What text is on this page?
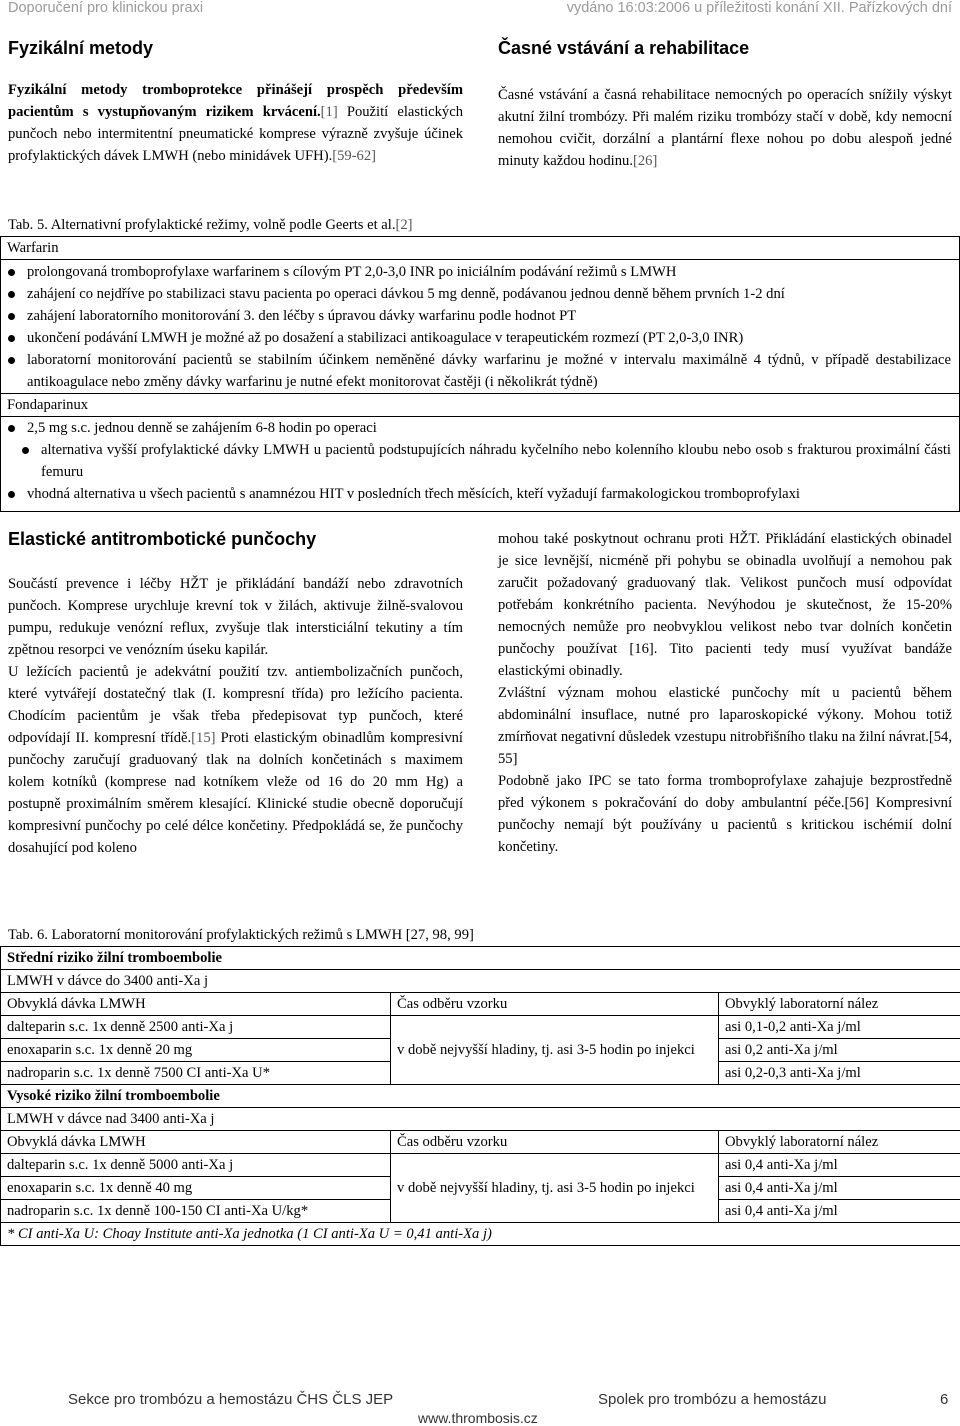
Doporučení pro klinickou praxi	vydáno 16:03:2006 u příležitosti konání XII. Pařízkových dní
Fyzikální metody
Fyzikální metody tromboprotekce přinášejí prospěch především pacientům s vystupňovaným rizikem krvácení.[1] Použití elastických punčoch nebo intermitentní pneumatické komprese výrazně zvyšuje účinek profylaktických dávek LMWH (nebo minidávek UFH).[59-62]
Časné vstávání a rehabilitace
Časné vstávání a časná rehabilitace nemocných po operacích snížily výskyt akutní žilní trombózy. Při malém riziku trombózy stačí v době, kdy nemocní nemohou cvičit, dorzální a plantární flexe nohou po dobu alespoň jedné minuty každou hodinu.[26]
Tab. 5. Alternativní profylaktické režimy, volně podle Geerts et al.[2]
Warfarin
prolongovaná tromboprofylaxe warfarinem s cílovým PT 2,0-3,0 INR po iniciálním podávání režimů s LMWH
zahájení co nejdříve po stabilizaci stavu pacienta po operaci dávkou 5 mg denně, podávanou jednou denně během prvních 1-2 dní
zahájení laboratorního monitorování 3. den léčby s úpravou dávky warfarinu podle hodnot PT
ukončení podávání LMWH je možné až po dosažení a stabilizaci antikoagulace v terapeutickém rozmezí (PT 2,0-3,0 INR)
laboratorní monitorování pacientů se stabilním účinkem neměněné dávky warfarinu je možné v intervalu maximálně 4 týdnů, v případě destabilizace antikoagulace nebo změny dávky warfarinu je nutné efekt monitorovat častěji (i několikrát týdně)
Fondaparinux
2,5 mg s.c. jednou denně se zahájením 6-8 hodin po operaci
alternativa vyšší profylaktické dávky LMWH u pacientů podstupujících náhradu kyčelního nebo kolenního kloubu nebo osob s frakturou proximální části femuru
vhodná alternativa u všech pacientů s anamnézou HIT v posledních třech měsících, kteří vyžadují farmakologickou tromboprofylaxi
Elastické antitrombotické punčochy

Součástí prevence i léčby HŽT je přikládání bandáží nebo zdravotních punčoch. Komprese urychluje krevní tok v žilách, aktivuje žilně-svalovou pumpu, redukuje venózní reflux, zvyšuje tlak intersticiální tekutiny a tím zpětnou resorpci ve venózním úseku kapilár.

U ležících pacientů je adekvátní použití tzv. antiembolizačních punčoch, které vytvářejí dostatečný tlak (I. kompresní třída) pro ležícího pacienta. Chodícím pacientům je však třeba předepisovat typ punčoch, které odpovídají II. kompresní třídě.[15] Proti elastickým obinadlům kompresivní punčochy zaručují graduovaný tlak na dolních končetinách s maximem kolem kotníků (komprese nad kotníkem vleže od 16 do 20 mm Hg) a postupně proximálním směrem klesající. Klinické studie obecně doporučují kompresivní punčochy po celé délce končetiny. Předpokládá se, že punčochy dosahující pod koleno

mohou také poskytnout ochranu proti HŽT. Přikládání elastických obinadel je sice levnější, nicméně při pohybu se obinadla uvolňují a nemohou pak zaručit požadovaný graduovaný tlak. Velikost punčoch musí odpovídat potřebám konkrétního pacienta. Nevýhodou je skutečnost, že 15-20% nemocných nemůže pro neobvyklou velikost nebo tvar dolních končetin punčochy používat [16]. Tito pacienti tedy musí využívat bandáže elastickými obinadly.

Zvláštní význam mohou elastické punčochy mít u pacientů během abdominální insuflace, nutné pro laparoskopické výkony. Mohou totiž zmírňovat negativní důsledek vzestupu nitrobřišního tlaku na žilní návrat.[54, 55]

Podobně jako IPC se tato forma tromboprofylaxe zahajuje bezprostředně před výkonem s pokračování do doby ambulantní péče.[56] Kompresivní punčochy nemají být používány u pacientů s kritickou ischémií dolní končetiny.

Tab. 6. Laboratorní monitorování profylaktických režimů s LMWH [27, 98, 99]
Střední riziko žilní tromboembolie		
LMWH v dávce do 3400 anti-Xa j		
Obvyklá dávka LMWH	Čas odběru vzorku	Obvyklý laboratorní nález
dalteparin s.c. 1x denně 2500 anti-Xa j	v době nejvyšší hladiny, tj. asi 3-5 hodin po injekci	asi 0,1-0,2 anti-Xa j/ml
enoxaparin s.c. 1x denně 20 mg		asi 0,2 anti-Xa j/ml
nadroparin s.c. 1x denně 7500 CI anti-Xa U*		asi 0,2-0,3 anti-Xa j/ml
Vysoké riziko žilní tromboembolie		
LMWH v dávce nad 3400 anti-Xa j		
Obvyklá dávka LMWH	Čas odběru vzorku	Obvyklý laboratorní nález
dalteparin s.c. 1x denně 5000 anti-Xa j	v době nejvyšší hladiny, tj. asi 3-5 hodin po injekci	asi 0,4 anti-Xa j/ml
enoxaparin s.c. 1x denně 40 mg		asi 0,4 anti-Xa j/ml
nadroparin s.c. 1x denně 100-150 CI anti-Xa U/kg*		asi 0,4 anti-Xa j/ml
* CI anti-Xa U: Choay Institute anti-Xa jednotka (1 CI anti-Xa U = 0,41 anti-Xa j)		
Sekce pro trombózu a hemostázu ČHS ČLS JEP
www.thrombosis.cz
Spolek pro trombózu a hemostázu	6
